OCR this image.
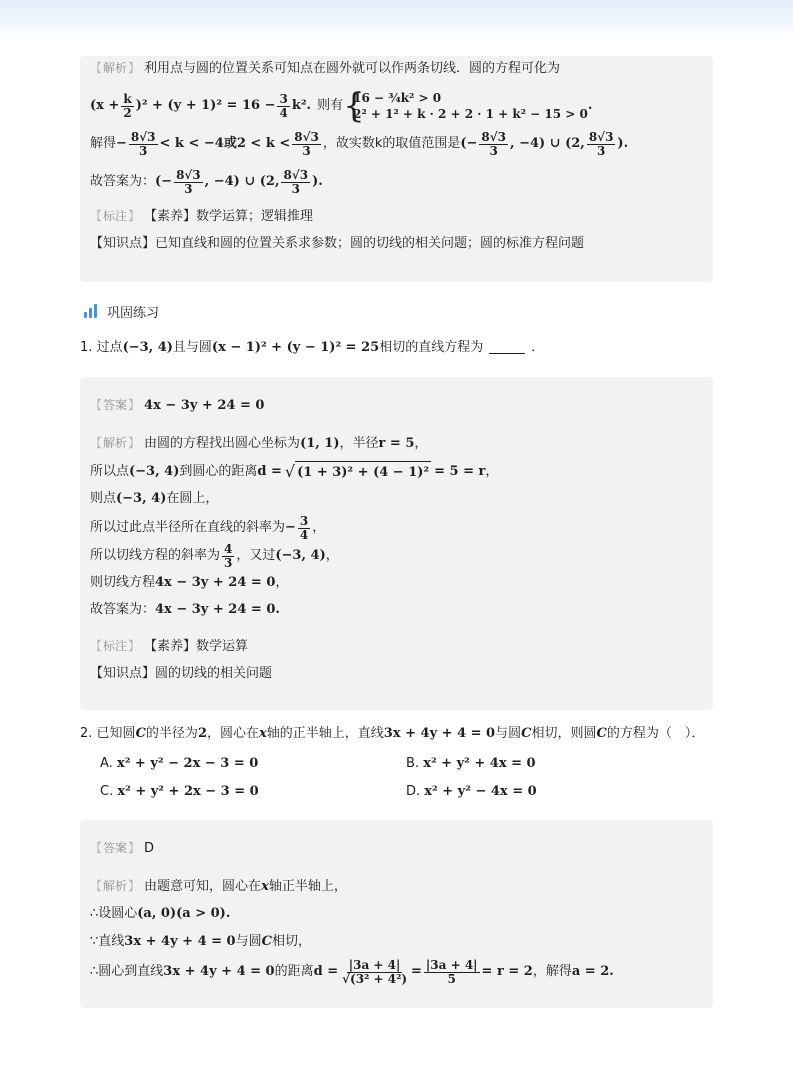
【 解析 】 利用点与圆的位置关系可知点在圆外就可以作两条切线．圆的方程可化为
$(x + \frac{k}{2} )^2 + (y + 1)^2 = 16 - \frac{3}{4} k^2$. 则有
{ 16 − ¾k² > 0
2² + 1² + k · 2 + 2 · 1 + k² − 15 > 0
.
解得 − $\frac{8√3}{3} < k < -4$或$2 < k < \frac{8√3}{3}$ ，故实数k的取值范围是 (− $\frac{8√3}{3}$ , −4) ∪ (2, $\frac{8√3}{3}$ ).
故答案为： (− $\frac{8√3}{3}$ , −4) ∪ (2, $\frac{8√3}{3}$ ).
【 标注 】 【素养】数学运算；逻辑推理
【知识点】已知直线和圆的位置关系求参数；圆的切线的相关问题；圆的标准方程问题
巩固练习
1. 过点(−3, 4)且与圆(x − 1)² + (y − 1)² = 25相切的直线方程为	．
【 答案 】 4x − 3y + 24 = 0
【 解析 】 由圆的方程找出圆心坐标为(1, 1)，半径r = 5，
所以点 (−3, 4) 到圆心的距离 d = √ (1 + 3)² + (4 − 1)² = 5 = r ，
则点(−3, 4)在圆上，
所以过此点半径所在直线的斜率为 − $\frac{3}{4}$ ，
所以切线方程的斜率为 $\frac{4}{3}$ ，又过 (−3, 4) ，
则切线方程4x − 3y + 24 = 0，
故答案为：4x − 3y + 24 = 0.
【 标注 】 【素养】数学运算
【知识点】圆的切线的相关问题
2. 已知圆C的半径为2，圆心在x轴的正半轴上，直线3x + 4y + 4 = 0与圆C相切，则圆C的方程为（　）．
A. x² + y² − 2x − 3 = 0	B. x² + y² + 4x = 0
C. x² + y² + 2x − 3 = 0	D. x² + y² − 4x = 0
【 答案 】 D
【 解析 】 由题意可知，圆心在x轴正半轴上，
∴设圆心(a, 0)(a > 0).
∵直线3x + 4y + 4 = 0与圆C相切，
∴圆心到直线 3x + 4y + 4 = 0 的距离 $d = \frac{|3a + 4|}{\text{√(3² + 4²)}} = \frac{|3a + 4|}{5} = r = 2$ ，解得 a = 2 .
